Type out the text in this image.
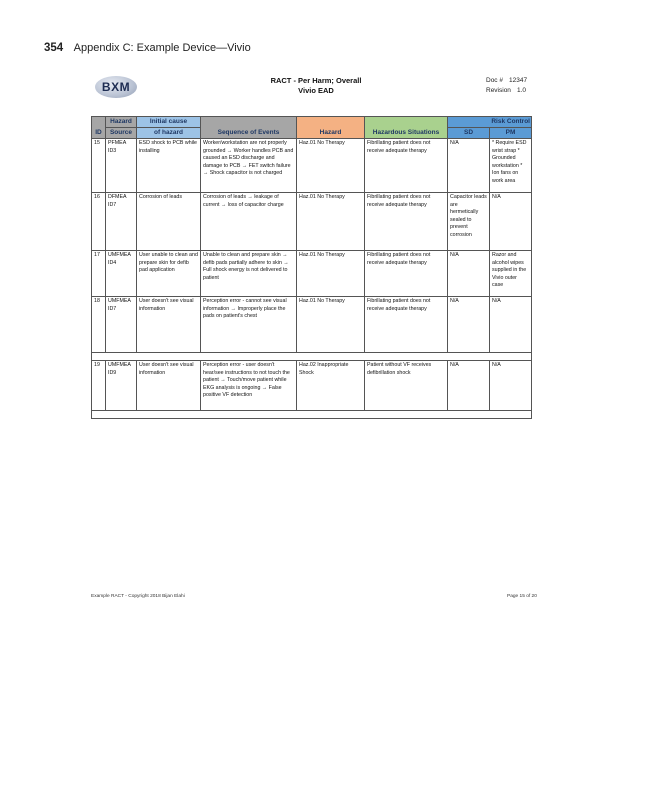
354 Appendix C: Example Device—Vivio
BXM	RACT - Per Harm; Overall
Vivio EAD
Doc # 12347
Revision 1.0
ID	Hazard	Initial cause	Sequence of Events	Hazard	Hazardous Situations	Risk Control	
	Source	of hazard				SD	PM
15	PFMEA ID3	ESD shock to PCB while installing	Worker/workstation are not properly grounded → Worker handles PCB and caused an ESD discharge and damage to PCB → FET switch failure → Shock capacitor is not charged	Haz.01 No Therapy	Fibrillating patient does not receive adequate therapy	N/A	* Require ESD wrist strap * Grounded workstation * Ion fans on work area
16	DFMEA ID7	Corrosion of leads	Corrosion of leads → leakage of current → loss of capacitor charge	Haz.01 No Therapy	Fibrillating patient does not receive adequate therapy	Capacitor leads are hermetically sealed to prevent corrosion	N/A
17	UMFMEA ID4	User unable to clean and prepare skin for defib pad application	Unable to clean and prepare skin → defib pads partially adhere to skin → Full shock energy is not delivered to patient	Haz.01 No Therapy	Fibrillating patient does not receive adequate therapy	N/A	Razor and alcohol wipes supplied in the Vivio outer case
18	UMFMEA ID7	User doesn't see visual information	Perception error - cannot see visual information → Improperly place the pads on patient's chest	Haz.01 No Therapy	Fibrillating patient does not receive adequate therapy	N/A	N/A

19	UMFMEA ID9	User doesn't see visual information	Perception error - user doesn't hear/see instructions to not touch the patient → Touch/move patient while EKG analysis is ongoing → False positive VF detection	Haz.02 Inappropriate Shock	Patient without VF receives defibrillation shock	N/A	N/A

Example RACT - Copyright 2018 Bijan Elahi	Page 15 of 20
